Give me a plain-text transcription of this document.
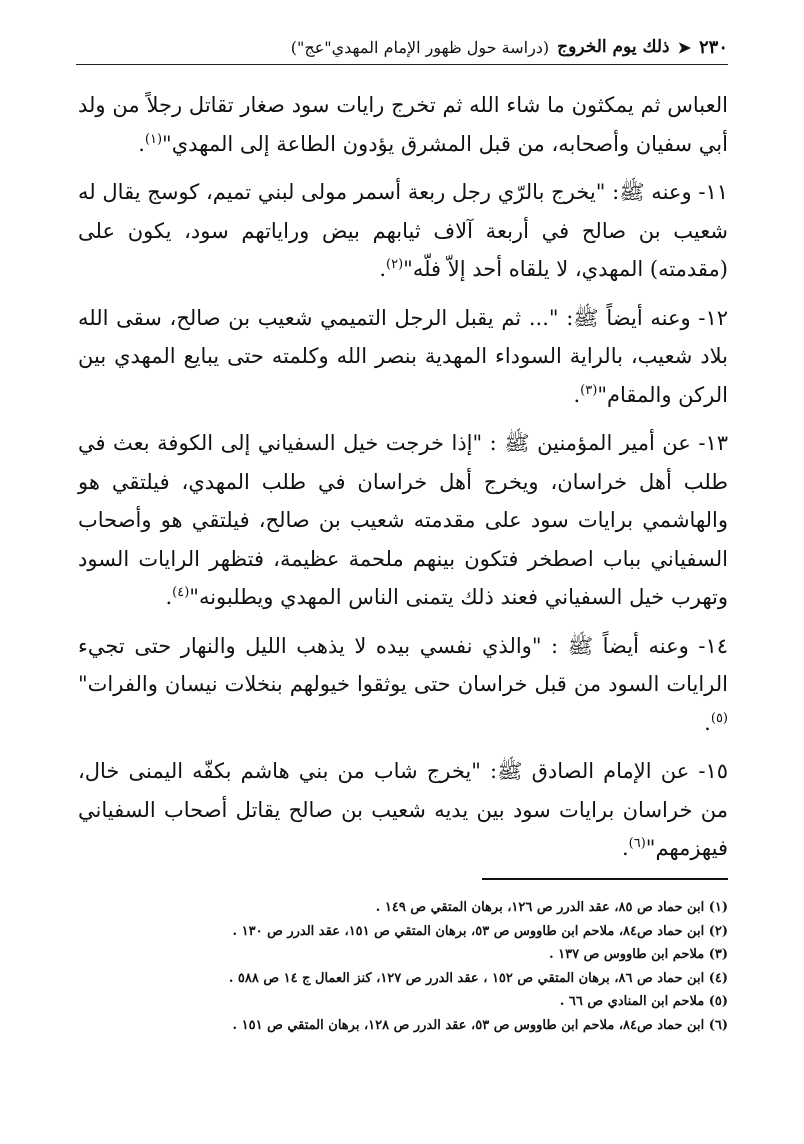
٢٣٠
➤
ذلك يوم الخروج
(دراسة حول ظهور الإمام المهدي"عج")

العباس ثم يمكثون ما شاء الله ثم تخرج رايات سود صغار تقاتل رجلاً من ولد أبي سفيان وأصحابه، من قبل المشرق يؤدون الطاعة إلى المهدي"$^{(١)}$.

١١- وعنه ﷺ: "يخرج بالرّي رجل ربعة أسمر مولى لبني تميم، كوسج يقال له شعيب بن صالح في أربعة آلاف ثيابهم بيض وراياتهم سود، يكون على (مقدمته) المهدي، لا يلقاه أحد إلاّ فلّه"$^{(٢)}$.

١٢- وعنه أيضاً ﷺ: "... ثم يقبل الرجل التميمي شعيب بن صالح، سقى الله بلاد شعيب، بالراية السوداء المهدية بنصر الله وكلمته حتى يبايع المهدي بين الركن والمقام"$^{(٣)}$.

١٣- عن أمير المؤمنين ﷺ : "إذا خرجت خيل السفياني إلى الكوفة بعث في طلب أهل خراسان، ويخرج أهل خراسان في طلب المهدي، فيلتقي هو والهاشمي برايات سود على مقدمته شعيب بن صالح، فيلتقي هو وأصحاب السفياني بباب اصطخر فتكون بينهم ملحمة عظيمة، فتظهر الرايات السود وتهرب خيل السفياني فعند ذلك يتمنى الناس المهدي ويطلبونه"$^{(٤)}$.

١٤- وعنه أيضاً ﷺ : "والذي نفسي بيده لا يذهب الليل والنهار حتى تجيء الرايات السود من قبل خراسان حتى يوثقوا خيولهم بنخلات نيسان والفرات"$^{(٥)}$.

١٥- عن الإمام الصادق ﷺ: "يخرج شاب من بني هاشم بكفّه اليمنى خال، من خراسان برايات سود بين يديه شعيب بن صالح يقاتل أصحاب السفياني فيهزمهم"$^{(٦)}$.

(١) ابن حماد ص ٨٥، عقد الدرر ص ١٢٦، برهان المتقي ص ١٤٩ .
(٢) ابن حماد ص٨٤، ملاحم ابن طاووس ص ٥٣، برهان المتقي ص ١٥١، عقد الدرر ص ١٣٠ .
(٣) ملاحم ابن طاووس ص ١٣٧ .
(٤) ابن حماد ص ٨٦، برهان المتقي ص ١٥٢ ، عقد الدرر ص ١٢٧، كنز العمال ج ١٤ ص ٥٨٨ .
(٥) ملاحم ابن المنادي ص ٦٦ .
(٦) ابن حماد ص٨٤، ملاحم ابن طاووس ص ٥٣، عقد الدرر ص ١٢٨، برهان المتقي ص ١٥١ .
